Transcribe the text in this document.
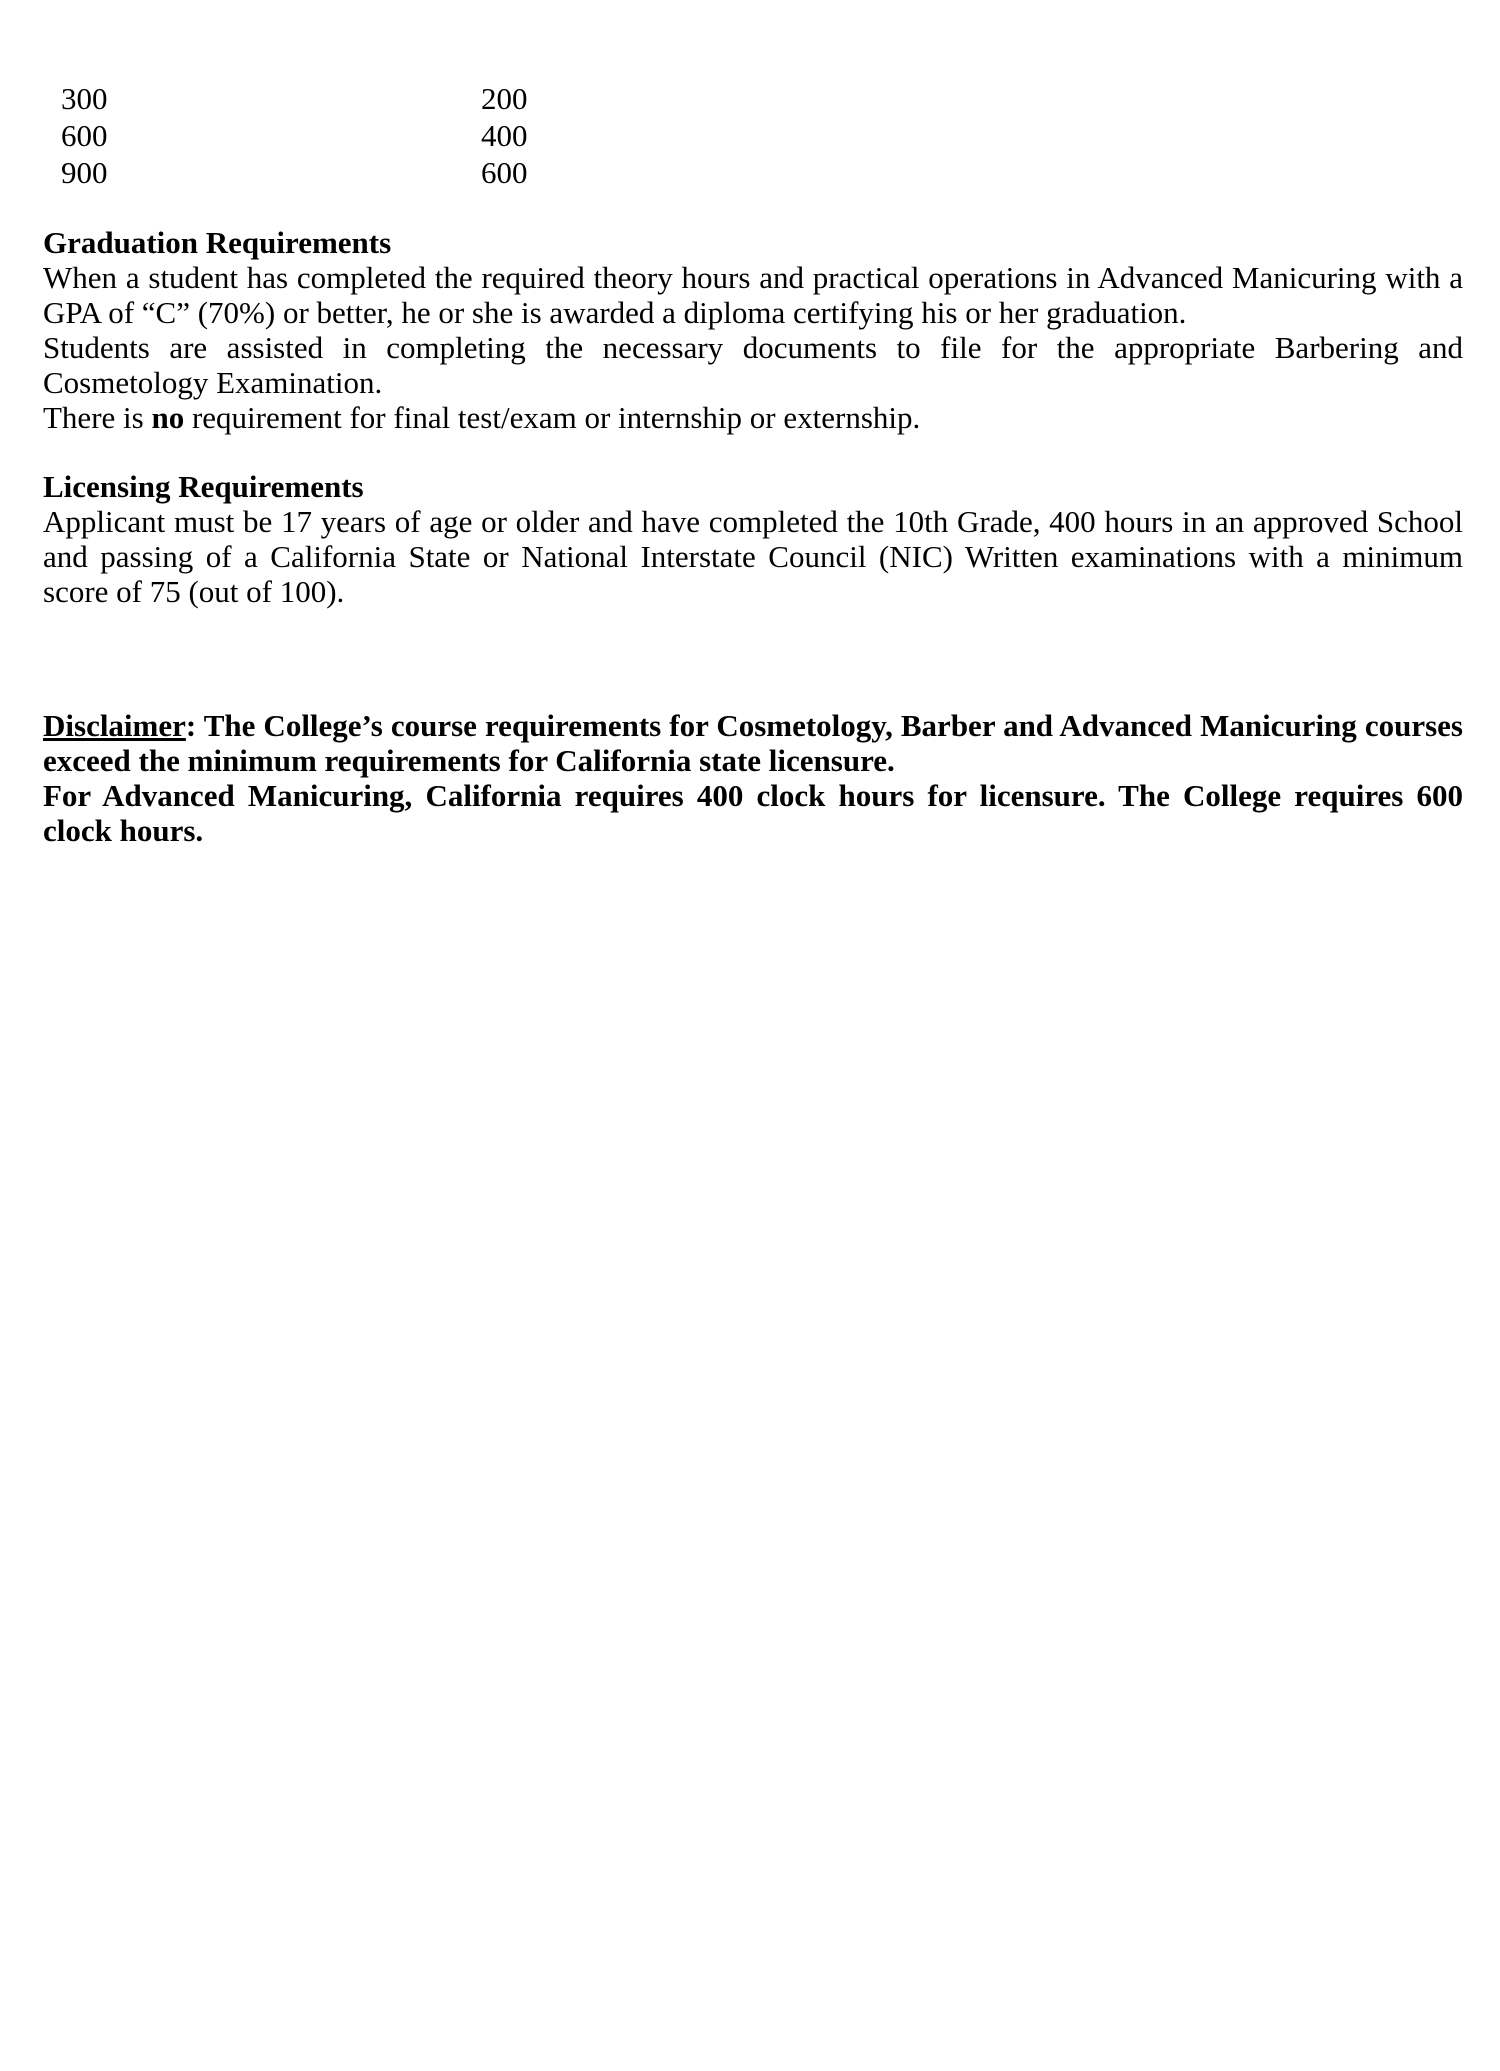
300	200
600	400
900	600
Graduation Requirements
When a student has completed the required theory hours and practical operations in Advanced Manicuring with a GPA of “C” (70%) or better, he or she is awarded a diploma certifying his or her graduation.
Students are assisted in completing the necessary documents to file for the appropriate Barbering and Cosmetology Examination.
There is no requirement for final test/exam or internship or externship.
Licensing Requirements
Applicant must be 17 years of age or older and have completed the 10th Grade, 400 hours in an approved School and passing of a California State or National Interstate Council (NIC) Written examinations with a minimum score of 75 (out of 100).
Disclaimer: The College’s course requirements for Cosmetology, Barber and Advanced Manicuring courses exceed the minimum requirements for California state licensure.
For Advanced Manicuring, California requires 400 clock hours for licensure. The College requires 600 clock hours.
